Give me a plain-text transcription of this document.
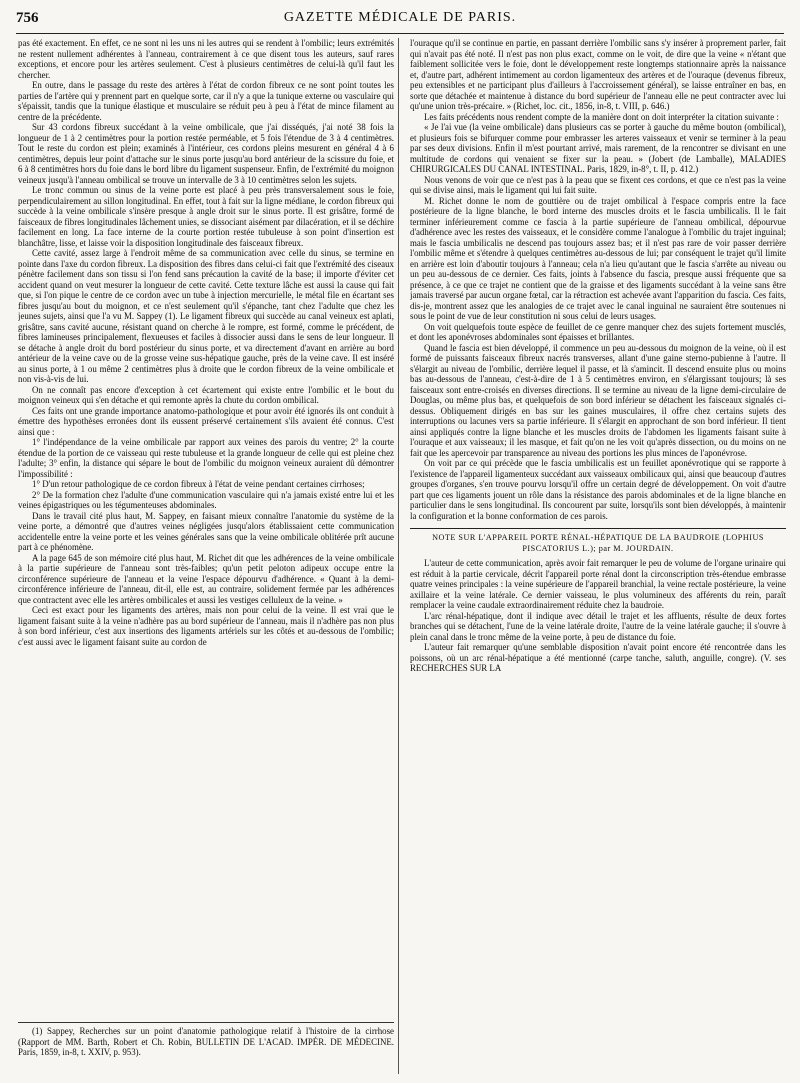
756	GAZETTE MÉDICALE DE PARIS.

pas été exactement. En effet, ce ne sont ni les uns ni les autres qui se rendent à l'ombilic; leurs extrémités ne restent nullement adhérentes à l'anneau, contrairement à ce que disent tous les auteurs, sauf rares exceptions, et encore pour les artères seulement. C'est à plusieurs centimètres de celui-là qu'il faut les chercher.

En outre, dans le passage du reste des artères à l'état de cordon fibreux ce ne sont point toutes les parties de l'artère qui y prennent part en quelque sorte, car il n'y a que la tunique externe ou vasculaire qui s'épaissit, tandis que la tunique élastique et musculaire se réduit peu à peu à l'état de mince filament au centre de la précédente.

Sur 43 cordons fibreux succédant à la veine ombilicale, que j'ai disséqués, j'ai noté 38 fois la longueur de 1 à 2 centimètres pour la portion restée perméable, et 5 fois l'étendue de 3 à 4 centimètres. Tout le reste du cordon est plein; examinés à l'intérieur, ces cordons pleins mesurent en général 4 à 6 centimètres, depuis leur point d'attache sur le sinus porte jusqu'au bord antérieur de la scissure du foie, et 6 à 8 centimètres hors du foie dans le bord libre du ligament suspenseur. Enfin, de l'extrémité du moignon veineux jusqu'à l'anneau ombilical se trouve un intervalle de 3 à 10 centimètres selon les sujets.

Le tronc commun ou sinus de la veine porte est placé à peu près transversalement sous le foie, perpendiculairement au sillon longitudinal. En effet, tout à fait sur la ligne médiane, le cordon fibreux qui succède à la veine ombilicale s'insère presque à angle droit sur le sinus porte. Il est grisâtre, formé de faisceaux de fibres longitudinales lâchement unies, se dissociant aisément par dilacération, et il se déchire facilement en long. La face interne de la courte portion restée tubuleuse à son point d'insertion est blanchâtre, lisse, et laisse voir la disposition longitudinale des faisceaux fibreux.

Cette cavité, assez large à l'endroit même de sa communication avec celle du sinus, se termine en pointe dans l'axe du cordon fibreux. La disposition des fibres dans celui-ci fait que l'extrémité des ciseaux pénètre facilement dans son tissu si l'on fend sans précaution la cavité de la base; il importe d'éviter cet accident quand on veut mesurer la longueur de cette cavité. Cette texture lâche est aussi la cause qui fait que, si l'on pique le centre de ce cordon avec un tube à injection mercurielle, le métal file en écartant ses fibres jusqu'au bout du moignon, et ce n'est seulement qu'il s'épanche, tant chez l'adulte que chez les jeunes sujets, ainsi que l'a vu M. Sappey (1). Le ligament fibreux qui succède au canal veineux est aplati, grisâtre, sans cavité aucune, résistant quand on cherche à le rompre, est formé, comme le précédent, de fibres lamineuses principalement, flexueuses et faciles à dissocier aussi dans le sens de leur longueur. Il se détache à angle droit du bord postérieur du sinus porte, et va directement d'avant en arrière au bord antérieur de la veine cave ou de la grosse veine sus-hépatique gauche, près de la veine cave. Il est inséré au sinus porte, à 1 ou même 2 centimètres plus à droite que le cordon fibreux de la veine ombilicale et non vis-à-vis de lui.

On ne connaît pas encore d'exception à cet écartement qui existe entre l'ombilic et le bout du moignon veineux qui s'en détache et qui remonte après la chute du cordon ombilical.

Ces faits ont une grande importance anatomo-pathologique et pour avoir été ignorés ils ont conduit à émettre des hypothèses erronées dont ils eussent préservé certainement s'ils avaient été connus. C'est ainsi que :

1° l'indépendance de la veine ombilicale par rapport aux veines des parois du ventre; 2° la courte étendue de la portion de ce vaisseau qui reste tubuleuse et la grande longueur de celle qui est pleine chez l'adulte; 3° enfin, la distance qui sépare le bout de l'ombilic du moignon veineux auraient dû démontrer l'impossibilité :

1° D'un retour pathologique de ce cordon fibreux à l'état de veine pendant certaines cirrhoses;

2° De la formation chez l'adulte d'une communication vasculaire qui n'a jamais existé entre lui et les veines épigastriques ou les tégumenteuses abdominales.

Dans le travail cité plus haut, M. Sappey, en faisant mieux connaître l'anatomie du système de la veine porte, a démontré que d'autres veines négligées jusqu'alors établissaient cette communication accidentelle entre la veine porte et les veines générales sans que la veine ombilicale oblitérée prît aucune part à ce phénomène.

A la page 645 de son mémoire cité plus haut, M. Richet dit que les adhérences de la veine ombilicale à la partie supérieure de l'anneau sont très-faibles; qu'un petit peloton adipeux occupe entre la circonférence supérieure de l'anneau et la veine l'espace dépourvu d'adhérence. « Quant à la demi-circonférence inférieure de l'anneau, dit-il, elle est, au contraire, solidement fermée par les adhérences que contractent avec elle les artères ombilicales et aussi les vestiges celluleux de la veine. »

Ceci est exact pour les ligaments des artères, mais non pour celui de la veine. Il est vrai que le ligament faisant suite à la veine n'adhère pas au bord supérieur de l'anneau, mais il n'adhère pas non plus à son bord inférieur, c'est aux insertions des ligaments artériels sur les côtés et au-dessous de l'ombilic; c'est aussi avec le ligament faisant suite au cordon de

l'ouraque qu'il se continue en partie, en passant derrière l'ombilic sans s'y insérer à proprement parler, fait qui n'avait pas été noté. Il n'est pas non plus exact, comme on le voit, de dire que la veine « n'étant que faiblement sollicitée vers le foie, dont le développement reste longtemps stationnaire après la naissance et, d'autre part, adhérent intimement au cordon ligamenteux des artères et de l'ouraque (devenus fibreux, peu extensibles et ne participant plus d'ailleurs à l'accroissement général), se laisse entraîner en bas, en sorte que détachée et maintenue à distance du bord supérieur de l'anneau elle ne peut contracter avec lui qu'une union très-précaire. » (Richet, loc. cit., 1856, in-8, t. VIII, p. 646.)

Les faits précédents nous rendent compte de la manière dont on doit interpréter la citation suivante :

« Je l'ai vue (la veine ombilicale) dans plusieurs cas se porter à gauche du même bouton (ombilical), et plusieurs fois se bifurquer comme pour embrasser les arteres vaisseaux et venir se terminer à la peau par ses deux divisions. Enfin il m'est pourtant arrivé, mais rarement, de la rencontrer se divisant en une multitude de cordons qui venaient se fixer sur la peau. » (Jobert (de Lamballe), MALADIES CHIRURGICALES DU CANAL INTESTINAL. Paris, 1829, in-8°, t. II, p. 412.)

Nous venons de voir que ce n'est pas à la peau que se fixent ces cordons, et que ce n'est pas la veine qui se divise ainsi, mais le ligament qui lui fait suite.

M. Richet donne le nom de gouttière ou de trajet ombilical à l'espace compris entre la face postérieure de la ligne blanche, le bord interne des muscles droits et le fascia umbilicalis. Il le fait terminer inférieurement comme ce fascia à la partie supérieure de l'anneau ombilical, dépourvue d'adhérence avec les restes des vaisseaux, et le considère comme l'analogue à l'ombilic du trajet inguinal; mais le fascia umbilicalis ne descend pas toujours assez bas; et il n'est pas rare de voir passer derrière l'ombilic même et s'étendre à quelques centimètres au-dessous de lui; par conséquent le trajet qu'il limite en arrière est loin d'aboutir toujours à l'anneau; cela n'a lieu qu'autant que le fascia s'arrête au niveau ou un peu au-dessous de ce dernier. Ces faits, joints à l'absence du fascia, presque aussi fréquente que sa présence, à ce que ce trajet ne contient que de la graisse et des ligaments succédant à la veine sans être jamais traversé par aucun organe fœtal, car la rétraction est achevée avant l'apparition du fascia. Ces faits, dis-je, montrent assez que les analogies de ce trajet avec le canal inguinal ne sauraient être soutenues ni sous le point de vue de leur constitution ni sous celui de leurs usages.

On voit quelquefois toute espèce de feuillet de ce genre manquer chez des sujets fortement musclés, et dont les aponévroses abdominales sont épaisses et brillantes.

Quand le fascia est bien développé, il commence un peu au-dessous du moignon de la veine, où il est formé de puissants faisceaux fibreux nacrés transverses, allant d'une gaine sterno-pubienne à l'autre. Il s'élargit au niveau de l'ombilic, derrière lequel il passe, et là s'amincit. Il descend ensuite plus ou moins bas au-dessous de l'anneau, c'est-à-dire de 1 à 5 centimètres environ, en s'élargissant toujours; là ses faisceaux sont entre-croisés en diverses directions. Il se termine au niveau de la ligne demi-circulaire de Douglas, ou même plus bas, et quelquefois de son bord inférieur se détachent les faisceaux signalés ci-dessus. Obliquement dirigés en bas sur les gaines musculaires, il offre chez certains sujets des interruptions ou lacunes vers sa partie inférieure. Il s'élargit en approchant de son bord inférieur. Il tient ainsi appliqués contre la ligne blanche et les muscles droits de l'abdomen les ligaments faisant suite à l'ouraque et aux vaisseaux; il les masque, et fait qu'on ne les voit qu'après dissection, ou du moins on ne fait que les apercevoir par transparence au niveau des portions les plus minces de l'aponévrose.

On voit par ce qui précède que le fascia umbilicalis est un feuillet aponévrotique qui se rapporte à l'existence de l'appareil ligamenteux succédant aux vaisseaux ombilicaux qui, ainsi que beaucoup d'autres groupes d'organes, s'en trouve pourvu lorsqu'il offre un certain degré de développement. On voit d'autre part que ces ligaments jouent un rôle dans la résistance des parois abdominales et de la ligne blanche en particulier dans le sens longitudinal. Ils concourent par suite, lorsqu'ils sont bien développés, à maintenir la configuration et la bonne conformation de ces parois.

NOTE SUR L'APPAREIL PORTE RÉNAL-HÉPATIQUE DE LA BAUDROIE (LOPHIUS PISCATORIUS L.); par M. JOURDAIN.

L'auteur de cette communication, après avoir fait remarquer le peu de volume de l'organe urinaire qui est réduit à la partie cervicale, décrit l'appareil porte rénal dont la circonscription très-étendue embrasse quatre veines principales : la veine supérieure de l'appareil branchial, la veine rectale postérieure, la veine axillaire et la veine latérale. Ce dernier vaisseau, le plus volumineux des afférents du rein, paraît remplacer la veine caudale extraordinairement réduite chez la baudroie.

L'arc rénal-hépatique, dont il indique avec détail le trajet et les affluents, résulte de deux fortes branches qui se détachent, l'une de la veine latérale droite, l'autre de la veine latérale gauche; il s'ouvre à plein canal dans le tronc même de la veine porte, à peu de distance du foie.

L'auteur fait remarquer qu'une semblable disposition n'avait point encore été rencontrée dans les poissons, où un arc rénal-hépatique a été mentionné (carpe tanche, saluth, anguille, congre). (V. ses RECHERCHES SUR LA

(1) Sappey, Recherches sur un point d'anatomie pathologique relatif à l'histoire de la cirrhose (Rapport de MM. Barth, Robert et Ch. Robin, BULLETIN DE L'ACAD. IMPÉR. DE MÉDECINE. Paris, 1859, in-8, t. XXIV, p. 953).
